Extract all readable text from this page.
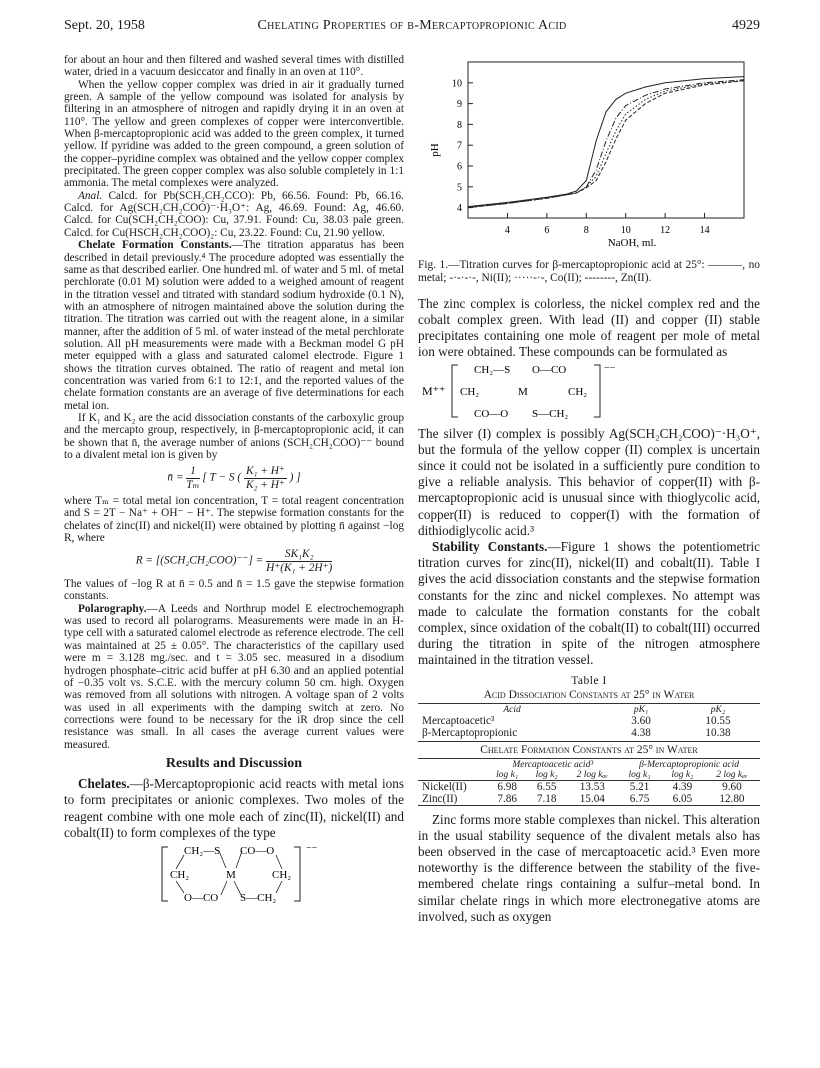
Sept. 20, 1958	Chelating Properties of β-Mercaptopropionic Acid	4929

for about an hour and then filtered and washed several times with distilled water, dried in a vacuum desiccator and finally in an oven at 110°.

When the yellow copper complex was dried in air it gradually turned green. A sample of the yellow compound was isolated for analysis by filtering in an atmosphere of nitrogen and rapidly drying it in an oven at 110°. The yellow and green complexes of copper were interconvertible. When β-mercaptopropionic acid was added to the green complex, it turned yellow. If pyridine was added to the green compound, a green solution of the copper–pyridine complex was obtained and the yellow copper complex precipitated. The green copper complex was also soluble completely in 1:1 ammonia. The metal complexes were analyzed.

Anal. Calcd. for Pb(SCH₂CH₂CCO): Pb, 66.56. Found: Pb, 66.16. Calcd. for Ag(SCH₂CH₂COO)⁻·H₃O⁺: Ag, 46.69. Found: Ag, 46.60. Calcd. for Cu(SCH₂CH₂COO): Cu, 37.91. Found: Cu, 38.03 pale green. Calcd. for Cu(HSCH₂CH₂COO)₂: Cu, 23.22. Found: Cu, 21.90 yellow.

Chelate Formation Constants.—The titration apparatus has been described in detail previously.⁴ The procedure adopted was essentially the same as that described earlier. One hundred ml. of water and 5 ml. of metal perchlorate (0.01 M) solution were added to a weighed amount of reagent in the titration vessel and titrated with standard sodium hydroxide (0.1 N), with an atmosphere of nitrogen maintained above the solution during the titration. The titration was carried out with the reagent alone, in a similar manner, after the addition of 5 ml. of water instead of the metal perchlorate solution. All pH measurements were made with a Beckman model G pH meter equipped with a glass and saturated calomel electrode. Figure 1 shows the titration curves obtained. The ratio of reagent and metal ion concentration was varied from 6:1 to 12:1, and the reported values of the chelate formation constants are an average of five determinations for each metal ion.

If K₁ and K₂ are the acid dissociation constants of the carboxylic group and the mercapto group, respectively, in β-mercaptopropionic acid, it can be shown that n̄, the average number of anions (SCH₂CH₂COO)⁻⁻ bound to a divalent metal ion is given by

n̄ = $\frac{1}{\text{Tₘ}}$ [ T − S ( $\frac{\text{K₁ + H⁺}}{\text{K₂ + H⁺}}$ ) ]

where Tₘ = total metal ion concentration, T = total reagent concentration and S = 2T − Na⁺ + OH⁻ − H⁺. The stepwise formation constants for the chelates of zinc(II) and nickel(II) were obtained by plotting n̄ against −log R, where

$R = [(SCH_2CH_2COO)^{--}] = \frac{\text{SK₁K₂}}{\text{H⁺(K₁ + 2H⁺)}}$

The values of −log R at n̄ = 0.5 and n̄ = 1.5 gave the stepwise formation constants.

Polarography.—A Leeds and Northrup model E electrochemograph was used to record all polarograms. Measurements were made in an H-type cell with a saturated calomel electrode as reference electrode. The cell was maintained at 25 ± 0.05°. The characteristics of the capillary used were m = 3.128 mg./sec. and t = 3.05 sec. measured in a disodium hydrogen phosphate–citric acid buffer at pH 6.30 and an applied potential of −0.35 volt vs. S.C.E. with the mercury column 50 cm. high. Oxygen was removed from all solutions with nitrogen. A voltage span of 2 volts was used in all experiments with the damping switch at zero. No corrections were found to be necessary for the iR drop since the cell resistance was small. In all cases the average current values were measured.

Results and Discussion

Chelates.—β-Mercaptopropionic acid reacts with metal ions to form precipitates or anionic complexes. Two moles of the reagent combine with one mole each of zinc(II), nickel(II) and cobalt(II) to form complexes of the type

−−
CH₂—S CO—O
CH₂	M	CH₂
O—CO S—CH₂
pH
NaOH, ml.
4	6	8	10	12	14
4
5
6
7
8
9
10
Fig. 1.—Titration curves for β-mercaptopropionic acid at 25°: ———, no metal; -·-·-·-, Ni(II); ·····-·-, Co(II); --------, Zn(II).

The zinc complex is colorless, the nickel complex red and the cobalt complex green. With lead (II) and copper (II) stable precipitates containing one mole of reagent per mole of metal ion were obtained. These compounds can be formulated as

M⁺⁺
−−
CH₂—S O—CO
CH₂	M	CH₂
CO—O S—CH₂

The silver (I) complex is possibly Ag(SCH₂CH₂COO)⁻·H₃O⁺, but the formula of the yellow copper (II) complex is uncertain since it could not be isolated in a sufficiently pure condition to give a reliable analysis. This behavior of copper(II) with β-mercaptopropionic acid is unusual since with thioglycolic acid, copper(II) is reduced to copper(I) with the formation of dithiodiglycolic acid.³

Stability Constants.—Figure 1 shows the potentiometric titration curves for zinc(II), nickel(II) and cobalt(II). Table I gives the acid dissociation constants and the stepwise formation constants for the zinc and nickel complexes. No attempt was made to calculate the formation constants for the cobalt complex, since oxidation of the cobalt(II) to cobalt(III) occurred during the titration in spite of the nitrogen atmosphere maintained in the titration vessel.

Table I
Acid Dissociation Constants at 25° in Water
Acid	pK₁	pK₂
Mercaptoacetic³	3.60	10.55
β-Mercaptopropionic	4.38	10.38
Chelate Formation Constants at 25° in Water
	Mercaptoacetic acid³			β-Mercaptopropionic acid		
	log k₁	log k₂	2 log kₐᵥ	log k₁	log k₂	2 log kₐᵥ
Nickel(II)	6.98	6.55	13.53	5.21	4.39	9.60
Zinc(II)	7.86	7.18	15.04	6.75	6.05	12.80

Zinc forms more stable complexes than nickel. This alteration in the usual stability sequence of the divalent metals also has been observed in the case of mercaptoacetic acid.³ Even more noteworthy is the difference between the stability of the five-membered chelate rings containing a sulfur–metal bond. In similar chelate rings in which more electronegative atoms are involved, such as oxygen
